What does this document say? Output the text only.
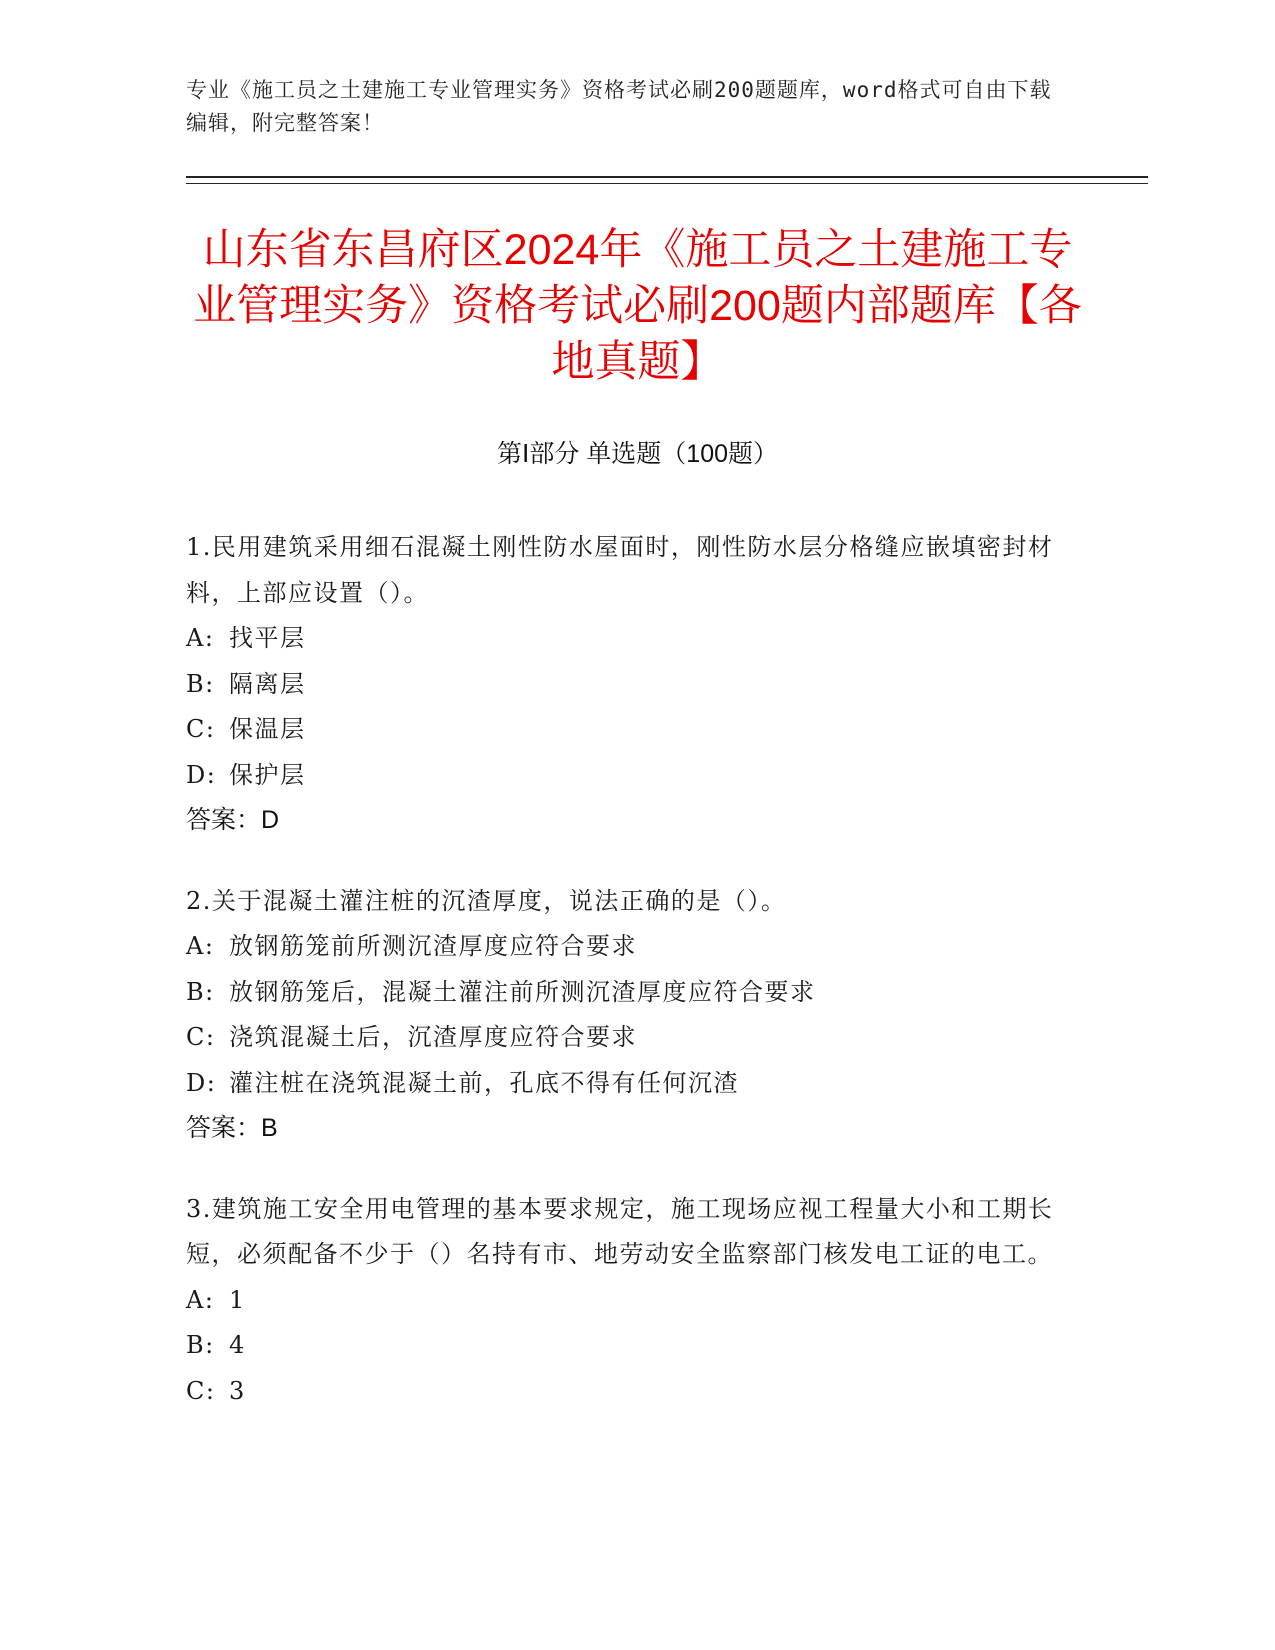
专业《施工员之土建施工专业管理实务》资格考试必刷200题题库，word格式可自由下载编辑，附完整答案！
山东省东昌府区2024年《施工员之土建施工专业管理实务》资格考试必刷200题内部题库【各地真题】
第Ⅰ部分 单选题（100题）
1.民用建筑采用细石混凝土刚性防水屋面时，刚性防水层分格缝应嵌填密封材料，上部应设置（）。
A: 找平层
B: 隔离层
C: 保温层
D: 保护层
答案：D
2.关于混凝土灌注桩的沉渣厚度，说法正确的是（）。
A: 放钢筋笼前所测沉渣厚度应符合要求
B: 放钢筋笼后，混凝土灌注前所测沉渣厚度应符合要求
C: 浇筑混凝土后，沉渣厚度应符合要求
D: 灌注桩在浇筑混凝土前，孔底不得有任何沉渣
答案：B
3.建筑施工安全用电管理的基本要求规定，施工现场应视工程量大小和工期长短，必须配备不少于（）名持有市、地劳动安全监察部门核发电工证的电工。
A: 1
B: 4
C: 3
